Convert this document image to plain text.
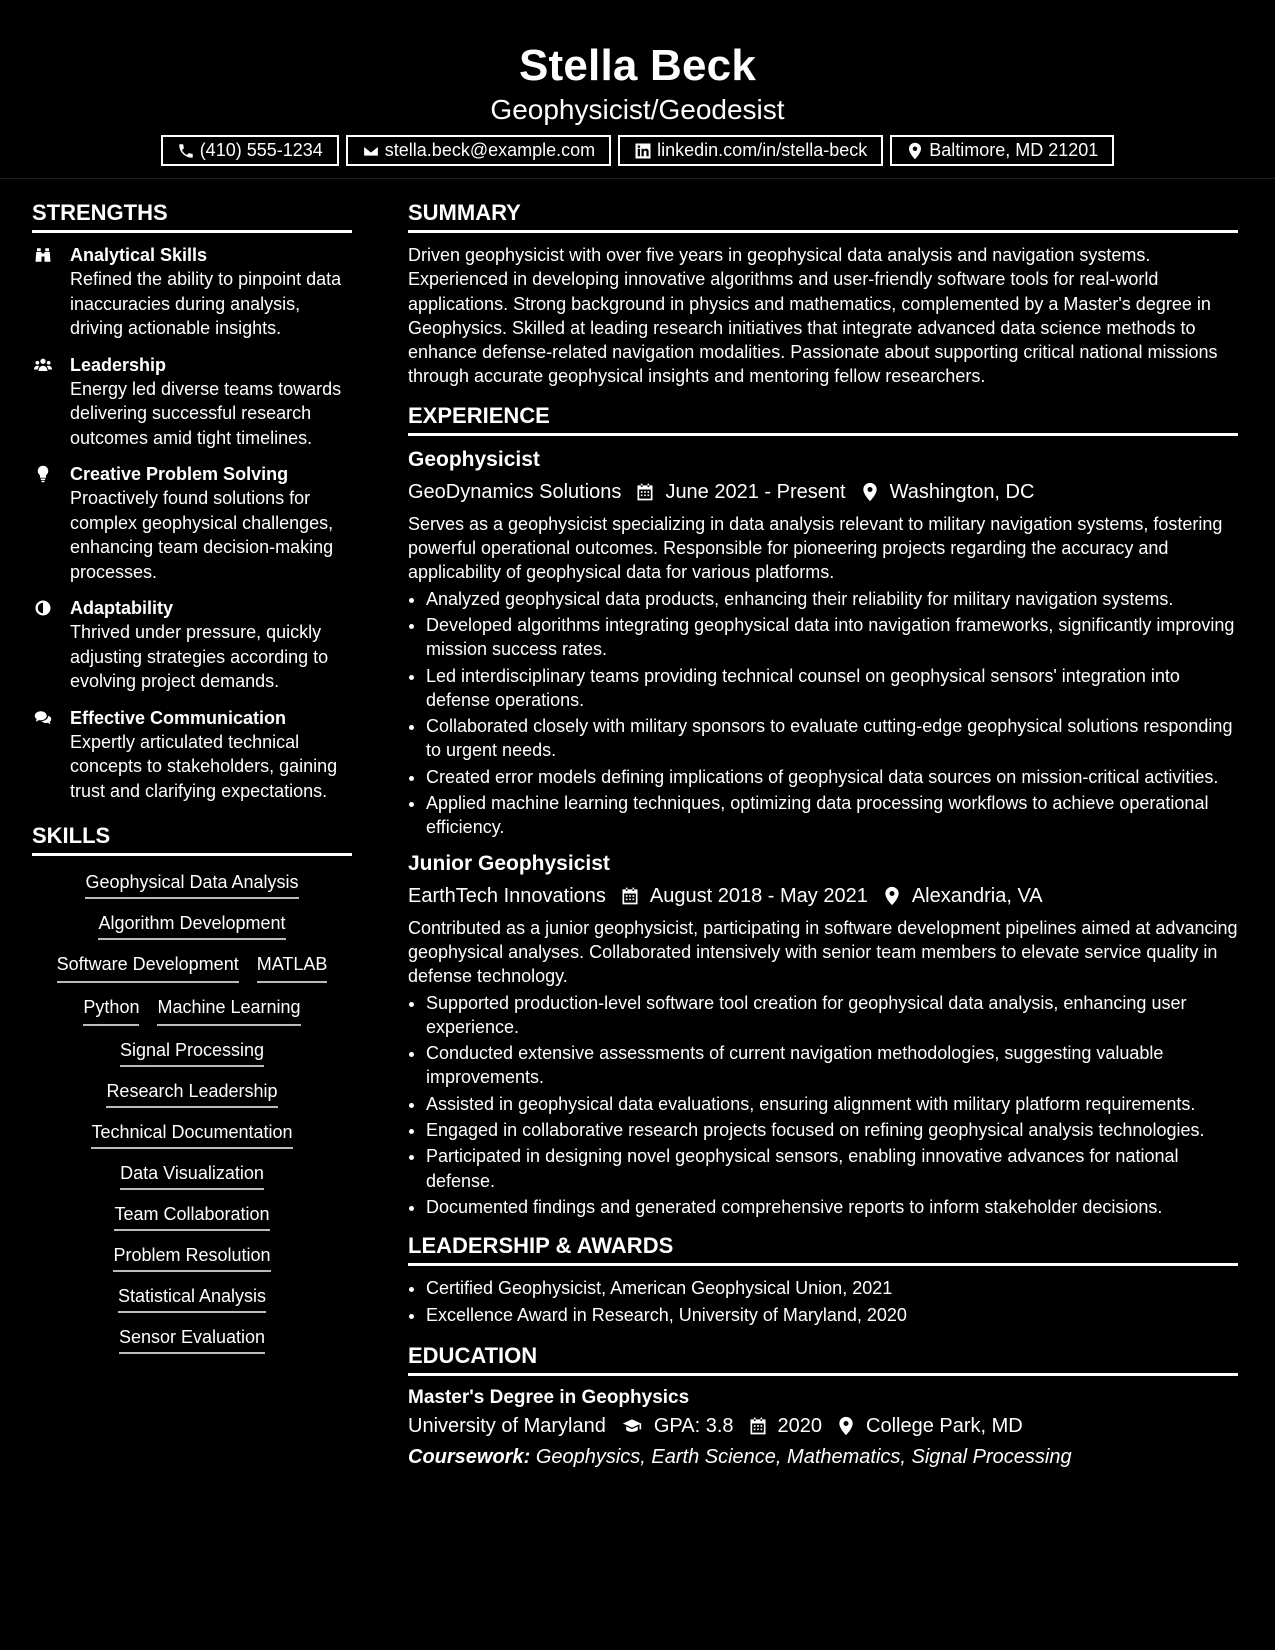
Stella Beck
Geophysicist/Geodesist
(410) 555-1234	stella.beck@example.com	linkedin.com/in/stella-beck	Baltimore, MD 21201
STRENGTHS
Analytical Skills
Refined the ability to pinpoint data inaccuracies during analysis, driving actionable insights.
Leadership
Energy led diverse teams towards delivering successful research outcomes amid tight timelines.
Creative Problem Solving
Proactively found solutions for complex geophysical challenges, enhancing team decision-making processes.
Adaptability
Thrived under pressure, quickly adjusting strategies according to evolving project demands.
Effective Communication
Expertly articulated technical concepts to stakeholders, gaining trust and clarifying expectations.
SKILLS
Geophysical Data Analysis
Algorithm Development
Software Development MATLAB
Python Machine Learning
Signal Processing
Research Leadership
Technical Documentation
Data Visualization
Team Collaboration
Problem Resolution
Statistical Analysis
Sensor Evaluation
SUMMARY
Driven geophysicist with over five years in geophysical data analysis and navigation systems. Experienced in developing innovative algorithms and user-friendly software tools for real-world applications. Strong background in physics and mathematics, complemented by a Master's degree in Geophysics. Skilled at leading research initiatives that integrate advanced data science methods to enhance defense-related navigation modalities. Passionate about supporting critical national missions through accurate geophysical insights and mentoring fellow researchers.
EXPERIENCE
Geophysicist
GeoDynamics Solutions June 2021 - Present Washington, DC
Serves as a geophysicist specializing in data analysis relevant to military navigation systems, fostering powerful operational outcomes. Responsible for pioneering projects regarding the accuracy and applicability of geophysical data for various platforms.
• Analyzed geophysical data products, enhancing their reliability for military navigation systems.
• Developed algorithms integrating geophysical data into navigation frameworks, significantly improving mission success rates.
• Led interdisciplinary teams providing technical counsel on geophysical sensors' integration into defense operations.
• Collaborated closely with military sponsors to evaluate cutting-edge geophysical solutions responding to urgent needs.
• Created error models defining implications of geophysical data sources on mission-critical activities.
• Applied machine learning techniques, optimizing data processing workflows to achieve operational efficiency.
Junior Geophysicist
EarthTech Innovations August 2018 - May 2021 Alexandria, VA
Contributed as a junior geophysicist, participating in software development pipelines aimed at advancing geophysical analyses. Collaborated intensively with senior team members to elevate service quality in defense technology.
• Supported production-level software tool creation for geophysical data analysis, enhancing user experience.
• Conducted extensive assessments of current navigation methodologies, suggesting valuable improvements.
• Assisted in geophysical data evaluations, ensuring alignment with military platform requirements.
• Engaged in collaborative research projects focused on refining geophysical analysis technologies.
• Participated in designing novel geophysical sensors, enabling innovative advances for national defense.
• Documented findings and generated comprehensive reports to inform stakeholder decisions.
LEADERSHIP & AWARDS
• Certified Geophysicist, American Geophysical Union, 2021
• Excellence Award in Research, University of Maryland, 2020
EDUCATION
Master's Degree in Geophysics
University of Maryland GPA: 3.8 2020 College Park, MD
Coursework: Geophysics, Earth Science, Mathematics, Signal Processing
